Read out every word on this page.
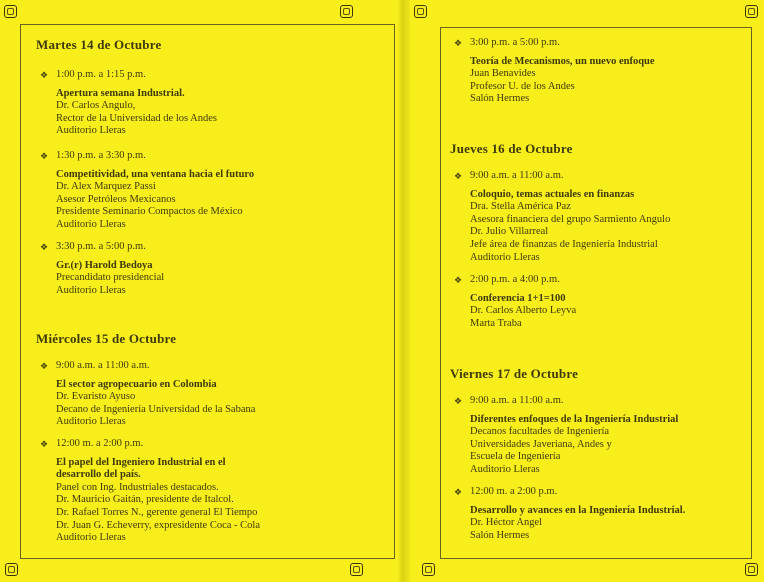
Martes 14 de Octubre
❖ 1:00 p.m. a 1:15 p.m.
Apertura semana Industrial.
Dr. Carlos Angulo,
Rector de la Universidad de los Andes
Auditorio Lleras
❖ 1:30 p.m. a 3:30 p.m.
Competitividad, una ventana hacia el futuro
Dr. Alex Marquez Passi
Asesor Petróleos Mexicanos
Presidente Seminario Compactos de México
Auditorio Lleras
❖ 3:30 p.m. a 5:00 p.m.
Gr.(r) Harold Bedoya
Precandidato presidencial
Auditorio Lleras
Miércoles 15 de Octubre
❖ 9:00 a.m. a 11:00 a.m.
El sector agropecuario en Colombia
Dr. Evaristo Ayuso
Decano de Ingeniería Universidad de la Sabana
Auditorio Lleras
❖ 12:00 m. a 2:00 p.m.
El papel del Ingeniero Industrial en el
desarrollo del país.
Panel con Ing. Industriales destacados.
Dr. Mauricio Gaitán, presidente de Italcol.
Dr. Rafael Torres N., gerente general El Tiempo
Dr. Juan G. Echeverry, expresidente Coca - Cola
Auditorio Lleras
❖ 3:00 p.m. a 5:00 p.m.
Teoría de Mecanismos, un nuevo enfoque
Juan Benavides
Profesor U. de los Andes
Salón Hermes
Jueves 16 de Octubre
❖ 9:00 a.m. a 11:00 a.m.
Coloquio, temas actuales en finanzas
Dra. Stella América Paz
Asesora financiera del grupo Sarmiento Angulo
Dr. Julio Villarreal
Jefe área de finanzas de Ingeniería Industrial
Auditorio Lleras
❖ 2:00 p.m. a 4:00 p.m.
Conferencia 1+1=100
Dr. Carlos Alberto Leyva
Marta Traba
Viernes 17 de Octubre
❖ 9:00 a.m. a 11:00 a.m.
Diferentes enfoques de la Ingeniería Industrial
Decanos facultades de Ingeniería
Universidades Javeriana, Andes y
Escuela de Ingeniería
Auditorio Lleras
❖ 12:00 m. a 2:00 p.m.
Desarrollo y avances en la Ingeniería Industrial.
Dr. Héctor Angel
Salón Hermes
